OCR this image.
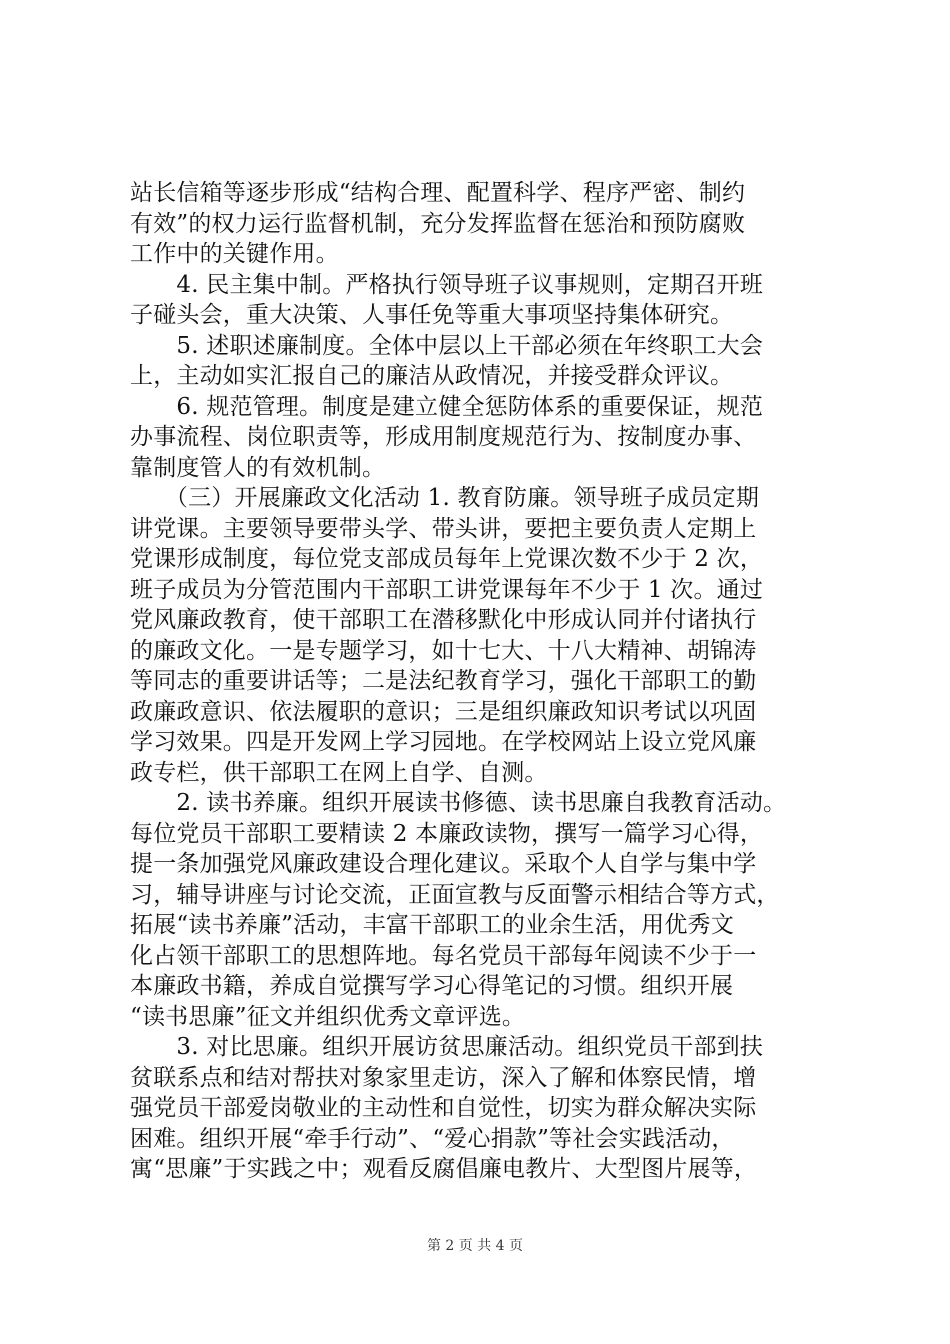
站长信箱等逐步形成“结构合理、配置科学、程序严密、制约
有效”的权力运行监督机制，充分发挥监督在惩治和预防腐败
工作中的关键作用。
　　4. 民主集中制。严格执行领导班子议事规则，定期召开班
子碰头会，重大决策、人事任免等重大事项坚持集体研究。
　　5. 述职述廉制度。全体中层以上干部必须在年终职工大会
上，主动如实汇报自己的廉洁从政情况，并接受群众评议。
　　6. 规范管理。制度是建立健全惩防体系的重要保证，规范
办事流程、岗位职责等，形成用制度规范行为、按制度办事、
靠制度管人的有效机制。
　　（三）开展廉政文化活动 1. 教育防廉。领导班子成员定期
讲党课。主要领导要带头学、带头讲，要把主要负责人定期上
党课形成制度，每位党支部成员每年上党课次数不少于 2 次，
班子成员为分管范围内干部职工讲党课每年不少于 1 次。通过
党风廉政教育，使干部职工在潜移默化中形成认同并付诸执行
的廉政文化。一是专题学习，如十七大、十八大精神、胡锦涛
等同志的重要讲话等；二是法纪教育学习，强化干部职工的勤
政廉政意识、依法履职的意识；三是组织廉政知识考试以巩固
学习效果。四是开发网上学习园地。在学校网站上设立党风廉
政专栏，供干部职工在网上自学、自测。
　　2. 读书养廉。组织开展读书修德、读书思廉自我教育活动。
每位党员干部职工要精读 2 本廉政读物，撰写一篇学习心得，
提一条加强党风廉政建设合理化建议。采取个人自学与集中学
习，辅导讲座与讨论交流，正面宣教与反面警示相结合等方式，
拓展“读书养廉”活动，丰富干部职工的业余生活，用优秀文
化占领干部职工的思想阵地。每名党员干部每年阅读不少于一
本廉政书籍，养成自觉撰写学习心得笔记的习惯。组织开展
“读书思廉”征文并组织优秀文章评选。
　　3. 对比思廉。组织开展访贫思廉活动。组织党员干部到扶
贫联系点和结对帮扶对象家里走访，深入了解和体察民情，增
强党员干部爱岗敬业的主动性和自觉性，切实为群众解决实际
困难。组织开展“牵手行动”、“爱心捐款”等社会实践活动，
寓“思廉”于实践之中；观看反腐倡廉电教片、大型图片展等，
第 2 页 共 4 页
